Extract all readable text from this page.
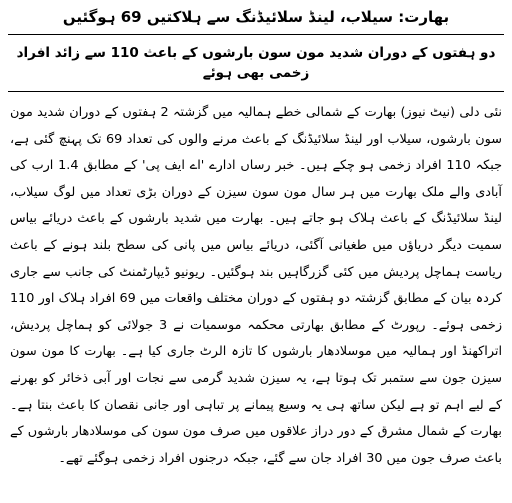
بھارت: سیلاب، لینڈ سلائیڈنگ سے ہلاکتیں 69 ہوگئیں
دو ہفتوں کے دوران شدید مون سون بارشوں کے باعث 110 سے زائد افراد زخمی بھی ہوئے

نئی دلی (نیٹ نیوز) بھارت کے شمالی خطے ہمالیہ میں گزشتہ 2 ہفتوں کے دوران شدید مون سون بارشوں، سیلاب اور لینڈ سلائیڈنگ کے باعث مرنے والوں کی تعداد 69 تک پہنچ گئی ہے، جبکہ 110 افراد زخمی ہو چکے ہیں۔ خبر رساں ادارے 'اے ایف پی' کے مطابق 1.4 ارب کی آبادی والے ملک بھارت میں ہر سال مون سون سیزن کے دوران بڑی تعداد میں لوگ سیلاب، لینڈ سلائیڈنگ کے باعث ہلاک ہو جاتے ہیں۔ بھارت میں شدید بارشوں کے باعث دریائے بیاس سمیت دیگر دریاؤں میں طغیانی آگئی، دریائے بیاس میں پانی کی سطح بلند ہونے کے باعث ریاست ہماچل پردیش میں کئی گزرگاہیں بند ہوگئیں۔ ریونیو ڈیپارٹمنٹ کی جانب سے جاری کردہ بیان کے مطابق گزشتہ دو ہفتوں کے دوران مختلف واقعات میں 69 افراد ہلاک اور 110 زخمی ہوئے۔ رپورٹ کے مطابق بھارتی محکمہ موسمیات نے 3 جولائی کو ہماچل پردیش، اتراکھنڈ اور ہمالیہ میں موسلادھار بارشوں کا تازہ الرٹ جاری کیا ہے۔ بھارت کا مون سون سیزن جون سے ستمبر تک ہوتا ہے، یہ سیزن شدید گرمی سے نجات اور آبی ذخائر کو بھرنے کے لیے اہم تو ہے لیکن ساتھ ہی یہ وسیع پیمانے پر تباہی اور جانی نقصان کا باعث بنتا ہے۔ بھارت کے شمال مشرق کے دور دراز علاقوں میں صرف مون سون کی موسلادھار بارشوں کے باعث صرف جون میں 30 افراد جان سے گئے، جبکہ درجنوں افراد زخمی ہوگئے تھے۔
